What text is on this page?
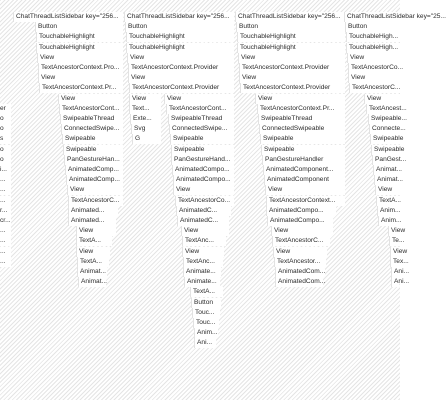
ChatThreadListSidebar key="256...
Button
TouchableHighlight
TouchableHighlight
View
TextAncestorContext.Pro...
View
TextAncestorContext.Pr...
View
TextAncestorCont...
SwipeableThread
ConnectedSwipe...
Swipeable
Swipeable
PanGestureHan...
AnimatedComp...
AnimatedComp...
View
TextAncestorC...
Animated...
Animated...
View
TextA...
View
TextA...
Animat...
Animat...
ChatThreadListSidebar key="256...
Button
TouchableHighlight
TouchableHighlight
View
TextAncestorContext.Provider
View
TextAncestorContext.Provider
View	View
Text...	TextAncestorCont...
Exte...	SwipeableThread
Svg	ConnectedSwipe...
G	Swipeable
Swipeable
PanGestureHand...
AnimatedCompo...
AnimatedCompo...
View
TextAncestorCo...
AnimatedC...
AnimatedC...
View
TextAnc...
View
TextAnc...
Animate...
Animate...
TextA...
Button
Touc...
Touc...
Anim...
Ani...
ChatThreadListSidebar key="256...
Button
TouchableHighlight
TouchableHighlight
View
TextAncestorContext.Provider
View
TextAncestorContext.Provider
View
TextAncestorContext.Pr...
SwipeableThread
ConnectedSwipeable
Swipeable
Swipeable
PanGestureHandler
AnimatedComponent...
AnimatedComponent
View
TextAncestorContext...
AnimatedCompo...
AnimatedCompo...
View
TextAncestorC...
View
TextAncestor...
AnimatedCom...
AnimatedCom...
ChatThreadListSidebar key="25...
Button
TouchableHigh...
TouchableHigh...
View
TextAncestorCo...
View
TextAncestorC...
View
TextAncest...
Swipeable...
Connecte...
Swipeable
Swipeable
PanGest...
Animat...
Animat...
View
TextA...
Anim...
Anim...
View
Te...
View
Tex...
Ani...
Ani...
er
o
o
s
o
o
i...
...
...
...
r...
cr...
...
...
...
...
